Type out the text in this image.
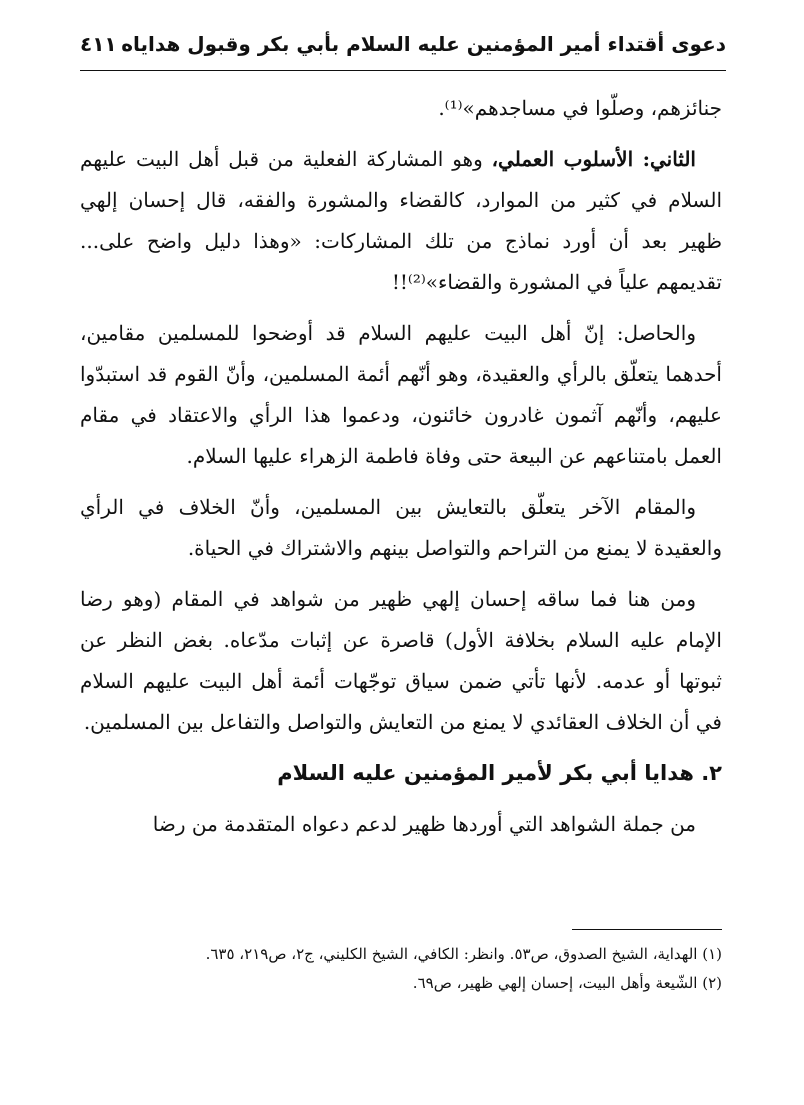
دعوى أقتداء أمير المؤمنين عليه السلام بأبي بكر وقبول هداياه
٤١١

جنائزهم، وصلّوا في مساجدهم»⁽¹⁾.

الثاني: الأسلوب العملي، وهو المشاركة الفعلية من قبل أهل البيت عليهم السلام في كثير من الموارد، كالقضاء والمشورة والفقه، قال إحسان إلهي ظهير بعد أن أورد نماذج من تلك المشاركات: «وهذا دليل واضح على... تقديمهم علياً في المشورة والقضاء»⁽²⁾!!

والحاصل: إنّ أهل البيت عليهم السلام قد أوضحوا للمسلمين مقامين، أحدهما يتعلّق بالرأي والعقيدة، وهو أنّهم أئمة المسلمين، وأنّ القوم قد استبدّوا عليهم، وأنّهم آثمون غادرون خائنون، ودعموا هذا الرأي والاعتقاد في مقام العمل بامتناعهم عن البيعة حتى وفاة فاطمة الزهراء عليها السلام.

والمقام الآخر يتعلّق بالتعايش بين المسلمين، وأنّ الخلاف في الرأي والعقيدة لا يمنع من التراحم والتواصل بينهم والاشتراك في الحياة.

ومن هنا فما ساقه إحسان إلهي ظهير من شواهد في المقام (وهو رضا الإمام عليه السلام بخلافة الأول) قاصرة عن إثبات مدّعاه. بغض النظر عن ثبوتها أو عدمه. لأنها تأتي ضمن سياق توجّهات أئمة أهل البيت عليهم السلام في أن الخلاف العقائدي لا يمنع من التعايش والتواصل والتفاعل بين المسلمين.

٢. هدايا أبي بكر لأمير المؤمنين عليه السلام

من جملة الشواهد التي أوردها ظهير لدعم دعواه المتقدمة من رضا

(١) الهداية، الشيخ الصدوق، ص٥٣. وانظر: الكافي، الشيخ الكليني، ج٢، ص٢١٩، ٦٣٥.

(٢) الشّيعة وأهل البيت، إحسان إلهي ظهير، ص٦٩.
